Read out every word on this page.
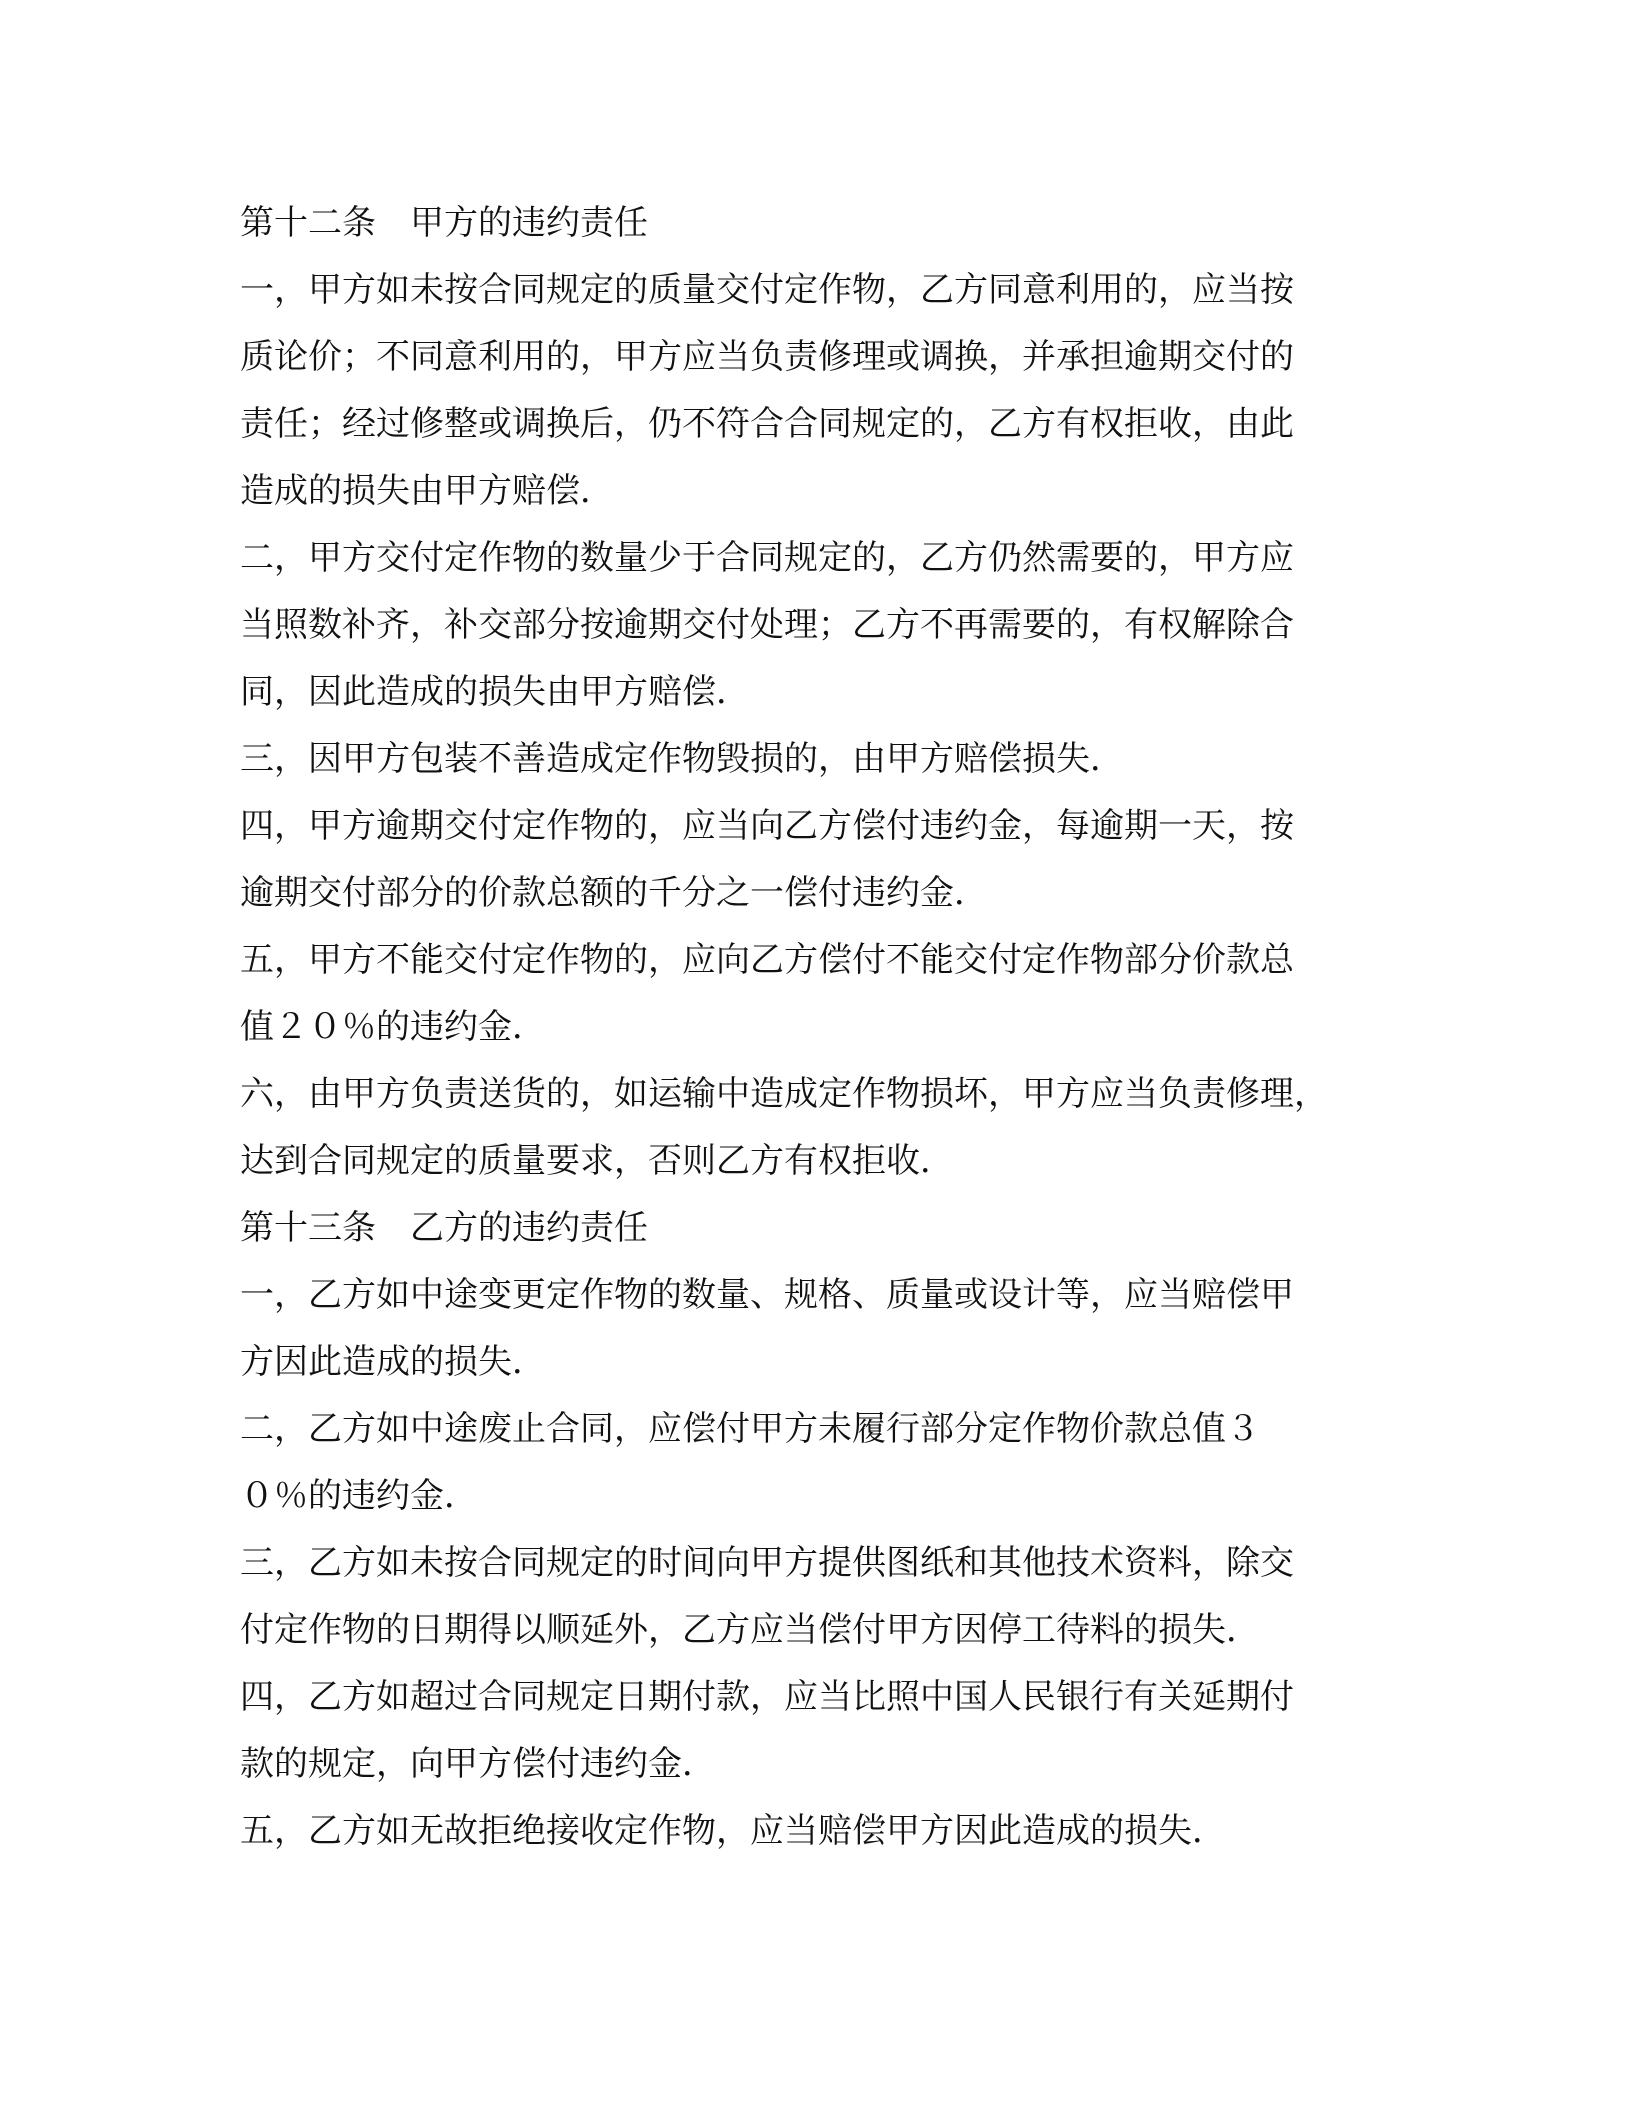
第十二条　甲方的违约责任
一，甲方如未按合同规定的质量交付定作物，乙方同意利用的，应当按
质论价；不同意利用的，甲方应当负责修理或调换，并承担逾期交付的
责任；经过修整或调换后，仍不符合合同规定的，乙方有权拒收，由此
造成的损失由甲方赔偿．
二，甲方交付定作物的数量少于合同规定的，乙方仍然需要的，甲方应
当照数补齐，补交部分按逾期交付处理；乙方不再需要的，有权解除合
同，因此造成的损失由甲方赔偿．
三，因甲方包装不善造成定作物毁损的，由甲方赔偿损失．
四，甲方逾期交付定作物的，应当向乙方偿付违约金，每逾期一天，按
逾期交付部分的价款总额的千分之一偿付违约金．
五，甲方不能交付定作物的，应向乙方偿付不能交付定作物部分价款总
值２０％的违约金．
六，由甲方负责送货的，如运输中造成定作物损坏，甲方应当负责修理，
达到合同规定的质量要求，否则乙方有权拒收．
第十三条　乙方的违约责任
一，乙方如中途变更定作物的数量、规格、质量或设计等，应当赔偿甲
方因此造成的损失．
二，乙方如中途废止合同，应偿付甲方未履行部分定作物价款总值３
０％的违约金．
三，乙方如未按合同规定的时间向甲方提供图纸和其他技术资料，除交
付定作物的日期得以顺延外，乙方应当偿付甲方因停工待料的损失．
四，乙方如超过合同规定日期付款，应当比照中国人民银行有关延期付
款的规定，向甲方偿付违约金．
五，乙方如无故拒绝接收定作物，应当赔偿甲方因此造成的损失．
